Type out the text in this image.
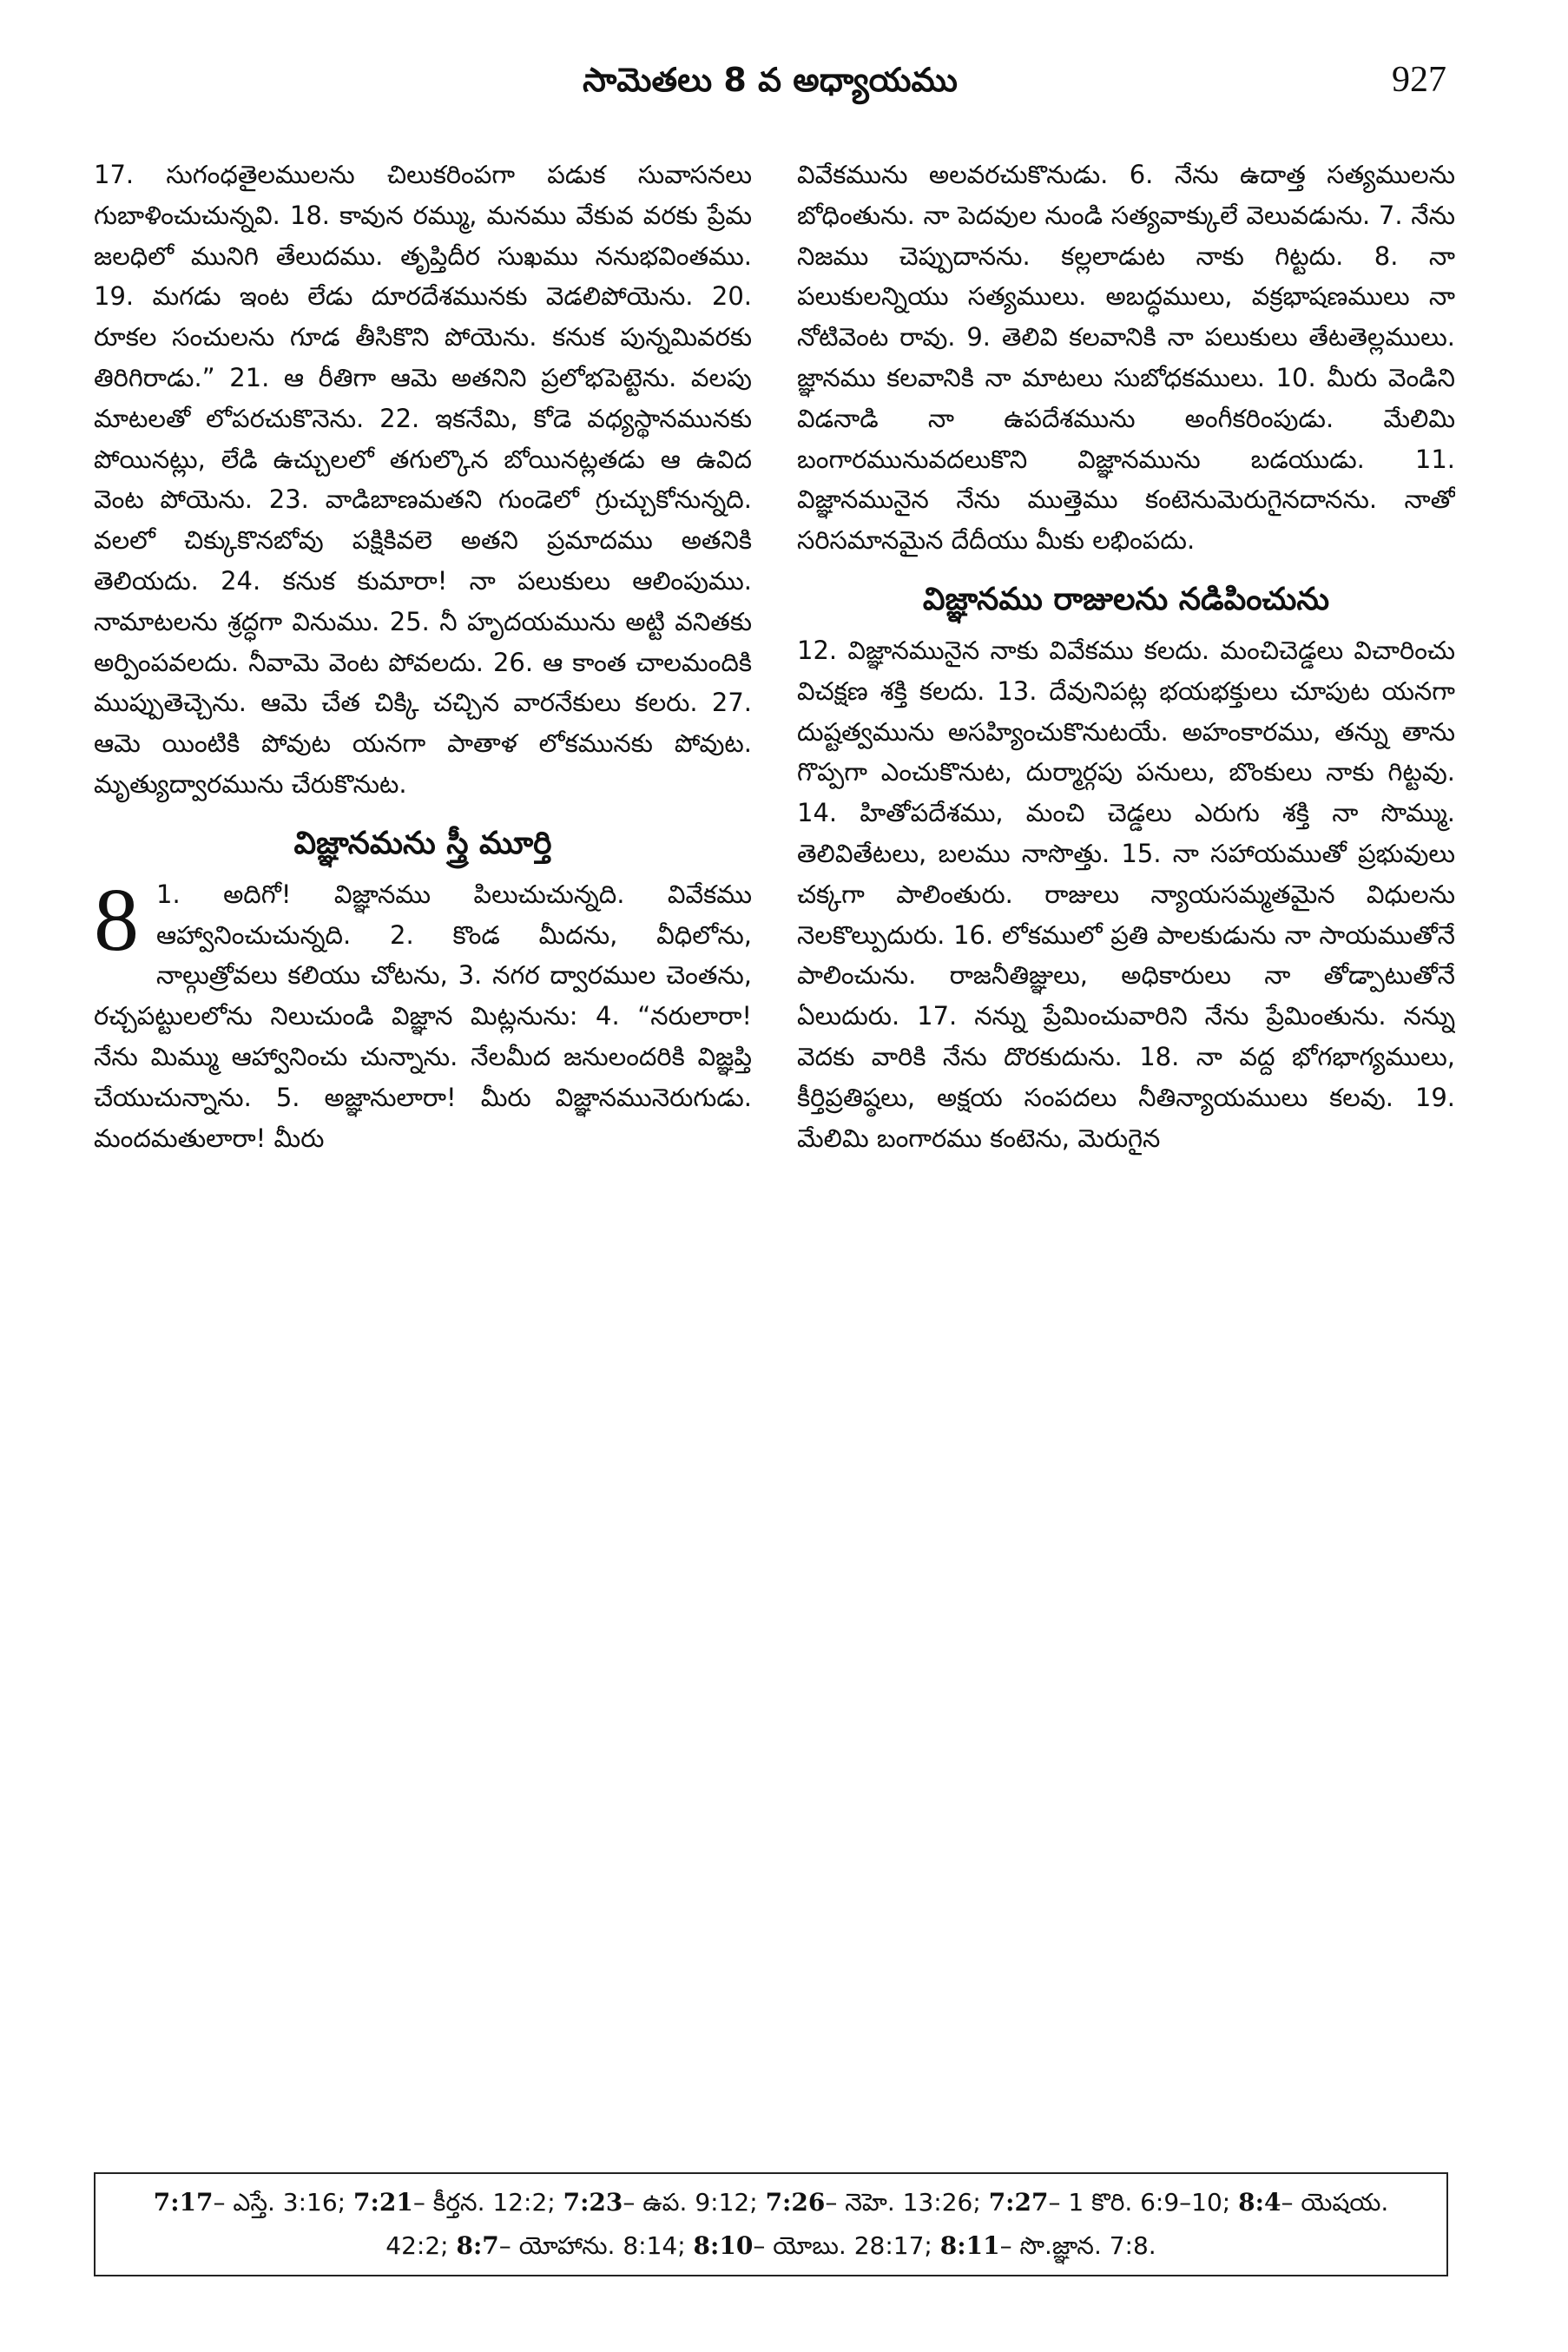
సామెతలు 8 వ అధ్యాయము	927

17. సుగంధతైలములను చిలుకరింపగా పడుక సువాసనలు గుబాళించుచున్నవి. 18. కావున రమ్ము, మనము వేకువ వరకు ప్రేమ జలధిలో మునిగి తేలుదము. తృప్తిదీర సుఖము ననుభవింతము. 19. మగడు ఇంట లేడు దూరదేశమునకు వెడలిపోయెను. 20. రూకల సంచులను గూడ తీసికొని పోయెను. కనుక పున్నమివరకు తిరిగిరాడు.” 21. ఆ రీతిగా ఆమె అతనిని ప్రలోభపెట్టెను. వలపు మాటలతో లోపరచుకొనెను. 22. ఇకనేమి, కోడె వధ్యస్థానమునకు పోయినట్లు, లేడి ఉచ్చులలో తగుల్కొన బోయినట్లతడు ఆ ఉవిద వెంట పోయెను. 23. వాడిబాణమతని గుండెలో గ్రుచ్చుకోనున్నది. వలలో చిక్కుకొనబోవు పక్షికివలె అతని ప్రమాదము అతనికి తెలియదు. 24. కనుక కుమారా! నా పలుకులు ఆలింపుము. నామాటలను శ్రద్ధగా వినుము. 25. నీ హృదయమును అట్టి వనితకు అర్పింపవలదు. నీవామె వెంట పోవలదు. 26. ఆ కాంత చాలమందికి ముప్పుతెచ్చెను. ఆమె చేత చిక్కి చచ్చిన వారనేకులు కలరు. 27. ఆమె యింటికి పోవుట యనగా పాతాళ లోకమునకు పోవుట. మృత్యుద్వారమును చేరుకొనుట.

విజ్ఞానమను స్త్రీ మూర్తి
8 1. అదిగో! విజ్ఞానము పిలుచుచున్నది. వివేకము ఆహ్వానించుచున్నది. 2. కొండ మీదను, వీధిలోను, నాల్గుత్రోవలు కలియు చోటను, 3. నగర ద్వారముల చెంతను, రచ్చపట్టులలోను నిలుచుండి విజ్ఞాన మిట్లనును: 4. “నరులారా! నేను మిమ్ము ఆహ్వానించు చున్నాను. నేలమీద జనులందరికి విజ్ఞప్తి చేయుచున్నాను. 5. అజ్ఞానులారా! మీరు విజ్ఞానమునెరుగుడు. మందమతులారా! మీరు

వివేకమును అలవరచుకొనుడు. 6. నేను ఉదాత్త సత్యములను బోధింతును. నా పెదవుల నుండి సత్యవాక్కులే వెలువడును. 7. నేను నిజము చెప్పుదానను. కల్లలాడుట నాకు గిట్టదు. 8. నా పలుకులన్నియు సత్యములు. అబద్ధములు, వక్రభాషణములు నా నోటివెంట రావు. 9. తెలివి కలవానికి నా పలుకులు తేటతెల్లములు. జ్ఞానము కలవానికి నా మాటలు సుబోధకములు. 10. మీరు వెండిని విడనాడి నా ఉపదేశమును అంగీకరింపుడు. మేలిమి బంగారమునువదలుకొని విజ్ఞానమును బడయుడు. 11. విజ్ఞానమునైన నేను ముత్తెము కంటెనుమెరుగైనదానను. నాతో సరిసమానమైన దేదీయు మీకు లభింపదు.

విజ్ఞానము రాజులను నడిపించును

12. విజ్ఞానమునైన నాకు వివేకము కలదు. మంచిచెడ్డలు విచారించు విచక్షణ శక్తి కలదు. 13. దేవునిపట్ల భయభక్తులు చూపుట యనగా దుష్టత్వమును అసహ్యించుకొనుటయే. అహంకారము, తన్ను తాను గొప్పగా ఎంచుకొనుట, దుర్మార్గపు పనులు, బొంకులు నాకు గిట్టవు. 14. హితోపదేశము, మంచి చెడ్డలు ఎరుగు శక్తి నా సొమ్ము. తెలివితేటలు, బలము నాసొత్తు. 15. నా సహాయముతో ప్రభువులు చక్కగా పాలింతురు. రాజులు న్యాయసమ్మతమైన విధులను నెలకొల్పుదురు. 16. లోకములో ప్రతి పాలకుడును నా సాయముతోనే పాలించును. రాజనీతిజ్ఞులు, అధికారులు నా తోడ్పాటుతోనే ఏలుదురు. 17. నన్ను ప్రేమించువారిని నేను ప్రేమింతును. నన్ను వెదకు వారికి నేను దొరకుదును. 18. నా వద్ద భోగభాగ్యములు, కీర్తిప్రతిష్ఠలు, అక్షయ సంపదలు నీతిన్యాయములు కలవు. 19. మేలిమి బంగారము కంటెను, మెరుగైన

7:17– ఎస్తే. 3:16; 7:21– కీర్తన. 12:2; 7:23– ఉప. 9:12; 7:26– నెహె. 13:26; 7:27– 1 కొరి. 6:9–10; 8:4– యెషయ. 42:2; 8:7– యోహాను. 8:14; 8:10– యోబు. 28:17; 8:11– సొ.జ్ఞాన. 7:8.
